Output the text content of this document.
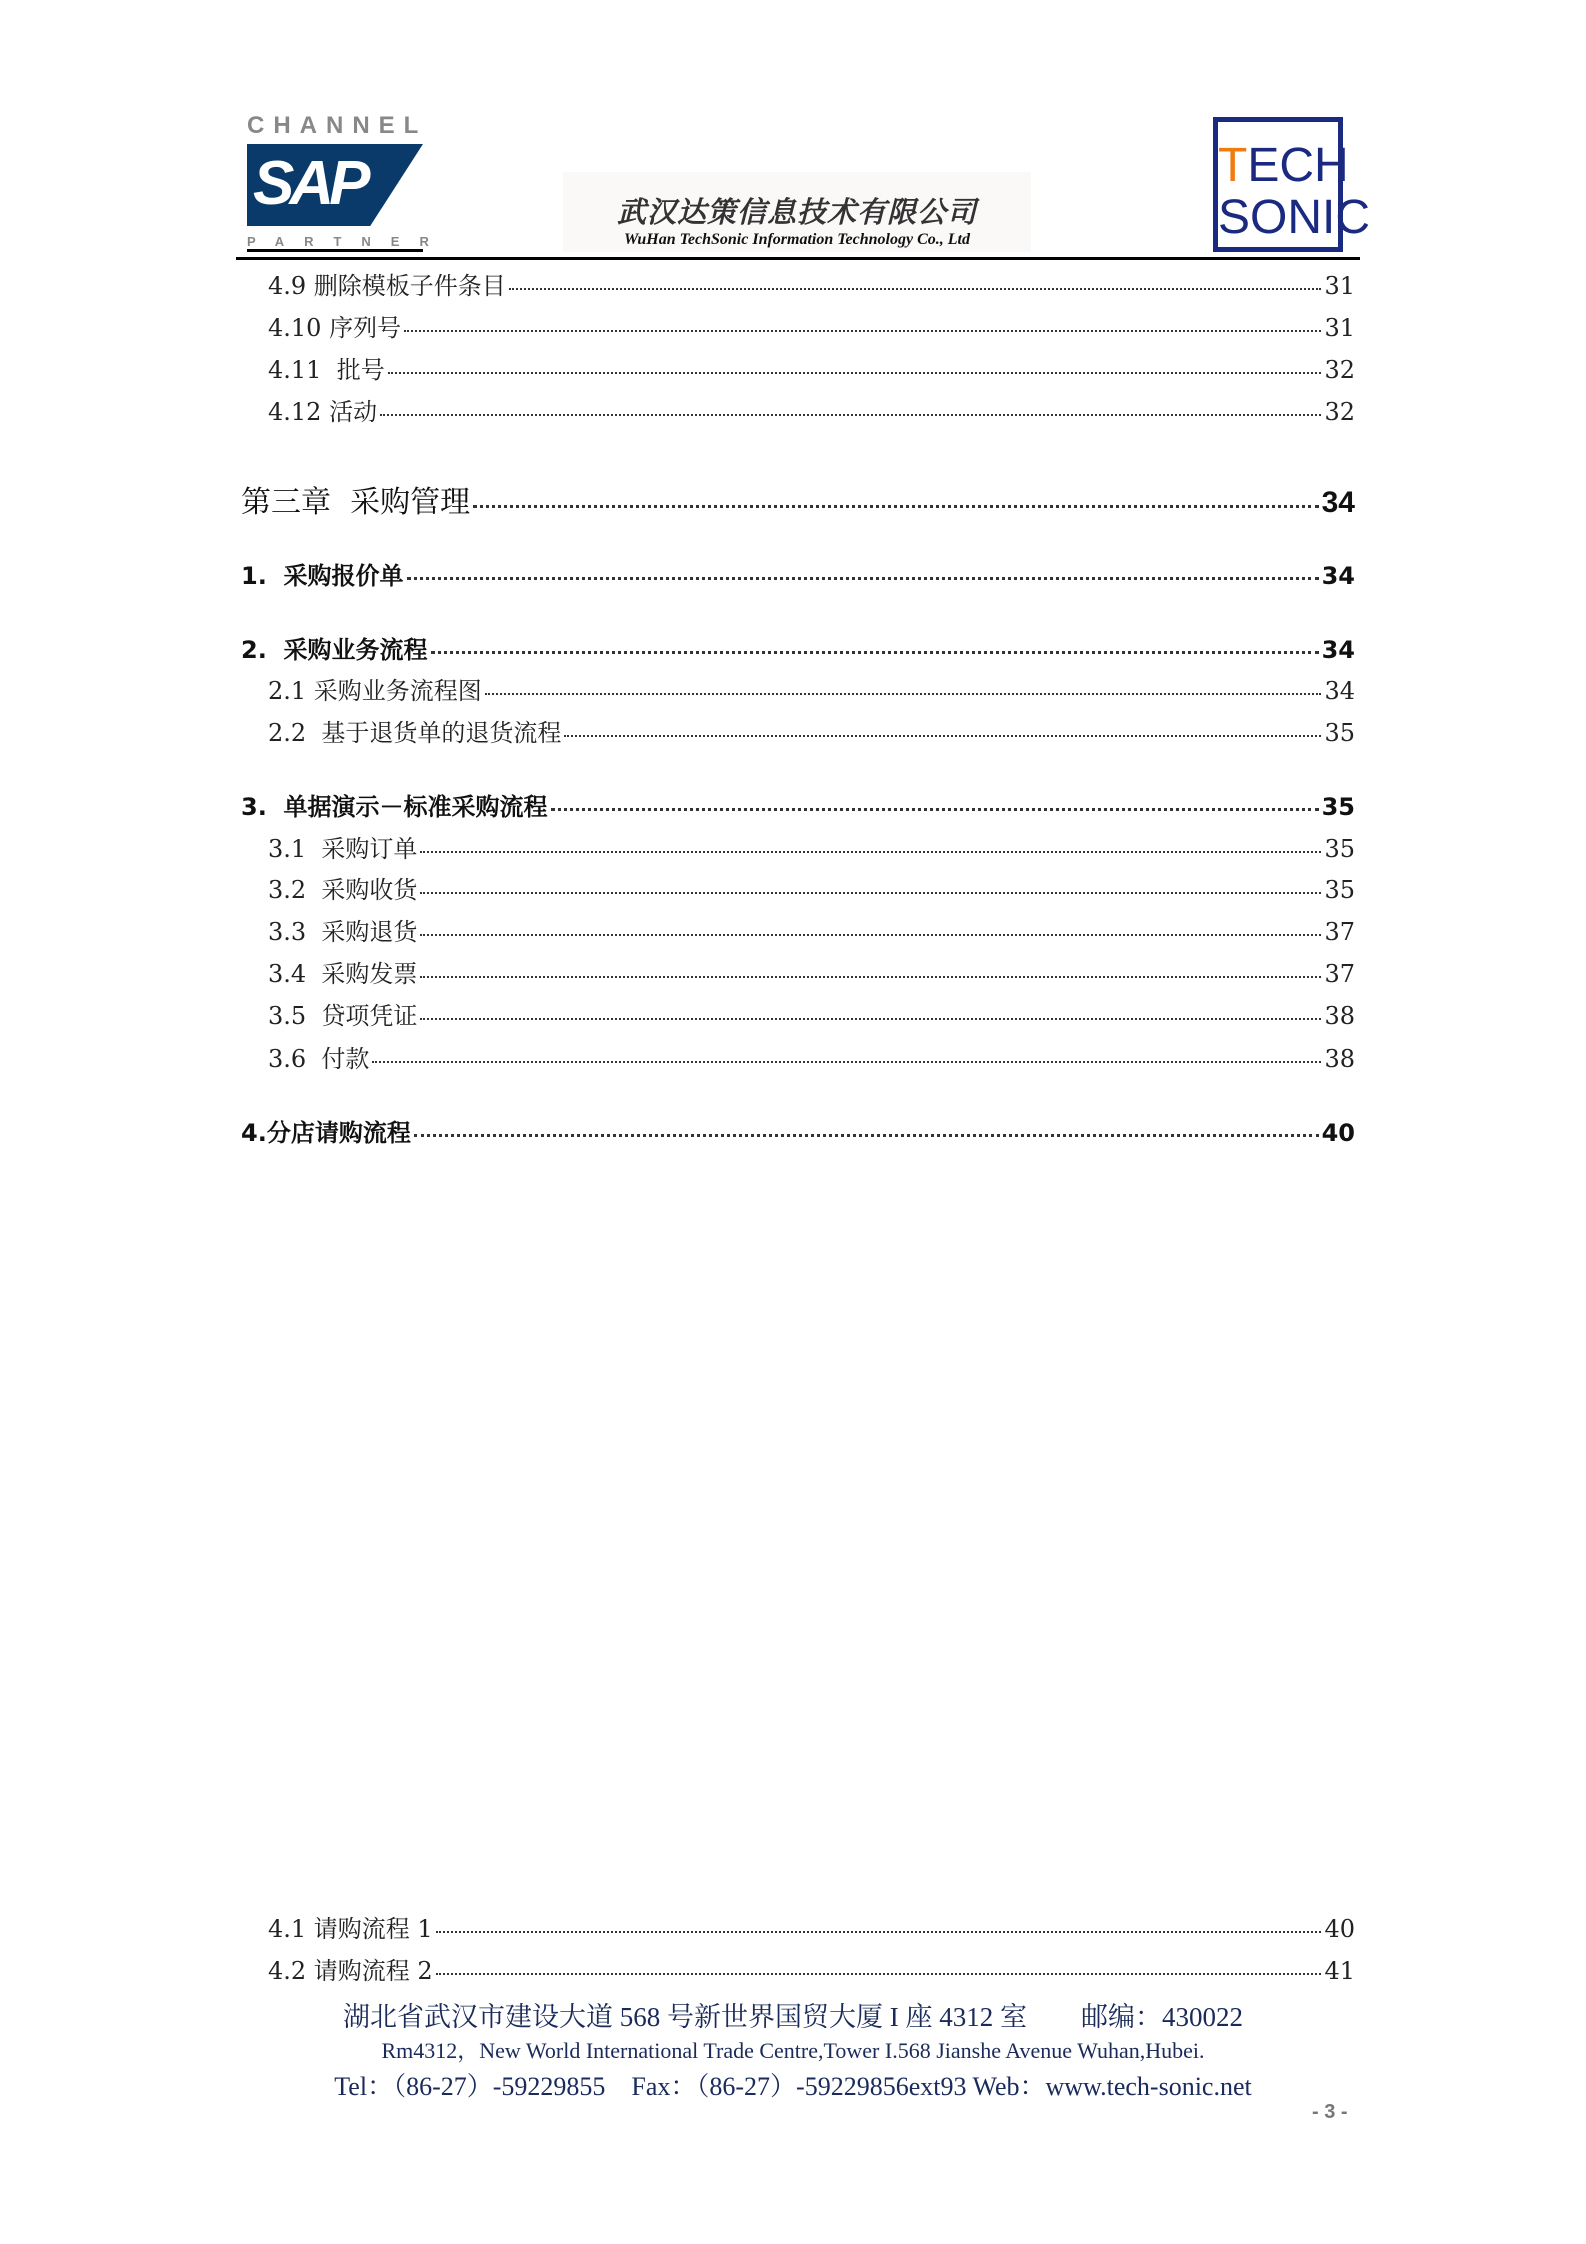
CHANNEL
SAP
PARTNER
武汉达策信息技术有限公司
WuHan TechSonic Information Technology Co., Ltd
TECH
SONIC
4.9 删除模板子件条目	31
4.10 序列号	31
4.11  批号	32
4.12 活动	32
第三章  采购管理	34
1.  采购报价单	34
2.  采购业务流程	34
2.1 采购业务流程图	34
2.2  基于退货单的退货流程	35
3.  单据演示－标准采购流程	35
3.1  采购订单	35
3.2  采购收货	35
3.3  采购退货	37
3.4  采购发票	37
3.5  贷项凭证	38
3.6  付款	38
4.分店请购流程	40
4.1 请购流程 1	40
4.2 请购流程 2	41
湖北省武汉市建设大道 568 号新世界国贸大厦 I 座 4312 室　　邮编：430022
Rm4312，New World International Trade Centre,Tower I.568 Jianshe Avenue Wuhan,Hubei.
Tel：（86-27）-59229855　Fax：（86-27）-59229856ext93 Web：www.tech-sonic.net
- 3 -
